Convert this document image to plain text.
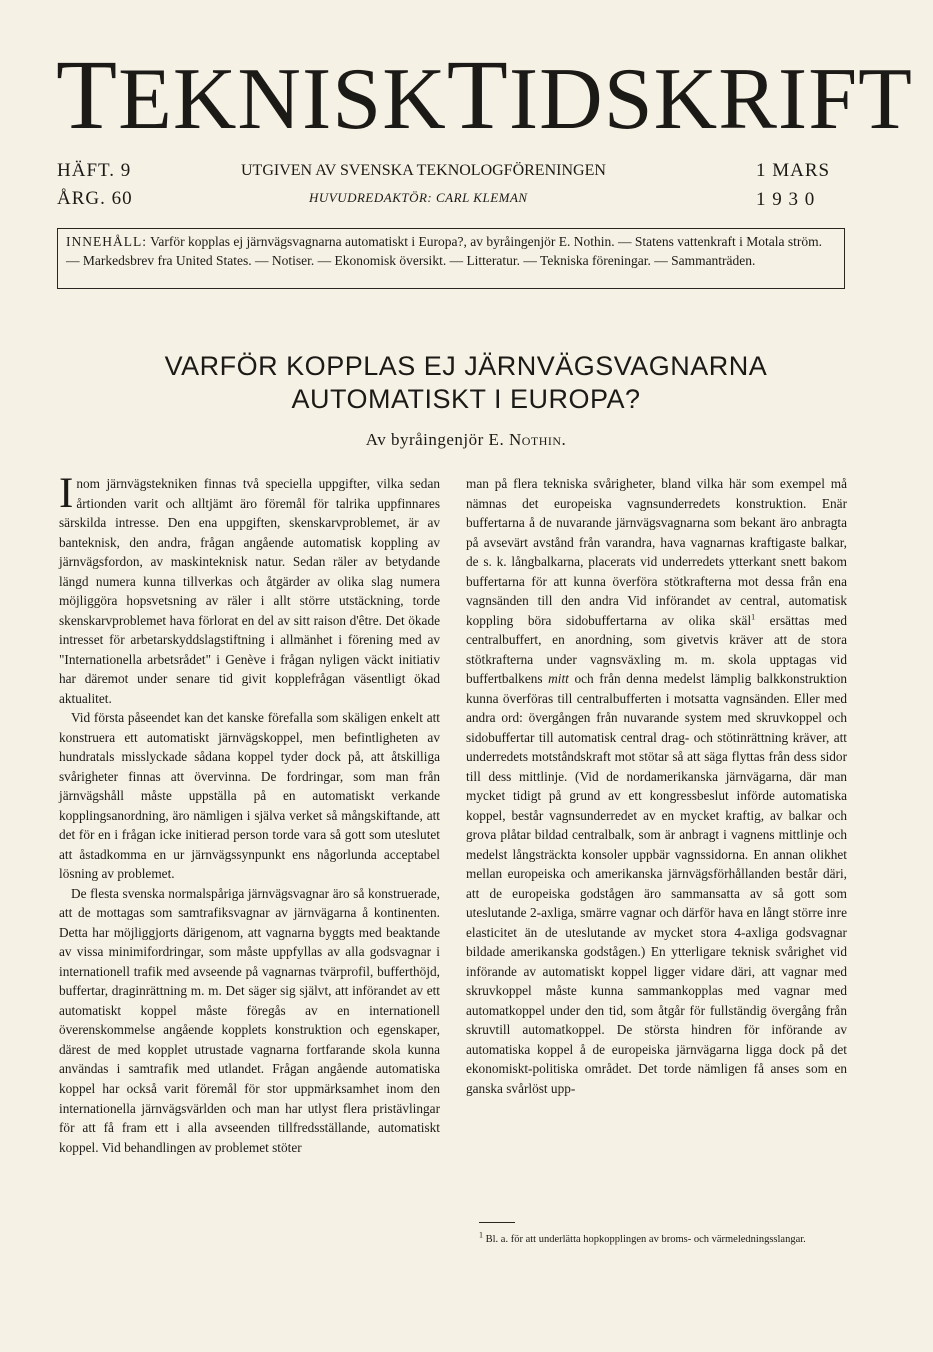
TEKNISKTIDSKRIFT
HÄFT. 9
ÅRG. 60
UTGIVEN AV SVENSKA TEKNOLOGFÖRENINGEN
HUVUDREDAKTÖR: CARL KLEMAN
1 MARS
1 9 3 0
INNEHÅLL: Varför kopplas ej järnvägsvagnarna automatiskt i Europa?, av byråingenjör E. Nothin. — Statens vattenkraft i Motala ström. — Markedsbrev fra United States. — Notiser. — Ekonomisk översikt. — Litteratur. — Tekniska föreningar. — Sammanträden.
VARFÖR KOPPLAS EJ JÄRNVÄGSVAGNARNA
AUTOMATISKT I EUROPA?
Av byråingenjör E. Nothin.

Inom järnvägstekniken finnas två speciella uppgifter, vilka sedan årtionden varit och alltjämt äro föremål för talrika uppfinnares särskilda intresse. Den ena uppgiften, skenskarvproblemet, är av banteknisk, den andra, frågan angående automatisk koppling av järnvägsfordon, av maskinteknisk natur. Sedan räler av betydande längd numera kunna tillverkas och åtgärder av olika slag numera möjliggöra hopsvetsning av räler i allt större utstäckning, torde skenskarvproblemet hava förlorat en del av sitt raison d'être. Det ökade intresset för arbetarskyddslagstiftning i allmänhet i förening med av "Internationella arbetsrådet" i Genève i frågan nyligen väckt initiativ har däremot under senare tid givit kopplefrågan väsentligt ökad aktualitet.

Vid första påseendet kan det kanske förefalla som skäligen enkelt att konstruera ett automatiskt järnvägskoppel, men befintligheten av hundratals misslyckade sådana koppel tyder dock på, att åtskilliga svårigheter finnas att övervinna. De fordringar, som man från järnvägshåll måste uppställa på en automatiskt verkande kopplingsanordning, äro nämligen i själva verket så mångskiftande, att det för en i frågan icke initierad person torde vara så gott som uteslutet att åstadkomma en ur järnvägssynpunkt ens någorlunda acceptabel lösning av problemet.

De flesta svenska normalspåriga järnvägsvagnar äro så konstruerade, att de mottagas som samtrafiksvagnar av järnvägarna å kontinenten. Detta har möjliggjorts därigenom, att vagnarna byggts med beaktande av vissa minimifordringar, som måste uppfyllas av alla godsvagnar i internationell trafik med avseende på vagnarnas tvärprofil, bufferthöjd, buffertar, draginrättning m. m. Det säger sig självt, att införandet av ett automatiskt koppel måste föregås av en internationell överenskommelse angående kopplets konstruktion och egenskaper, därest de med kopplet utrustade vagnarna fortfarande skola kunna användas i samtrafik med utlandet. Frågan angående automatiska koppel har också varit föremål för stor uppmärksamhet inom den internationella järnvägsvärlden och man har utlyst flera pristävlingar för att få fram ett i alla avseenden tillfredsställande, automatiskt koppel. Vid behandlingen av problemet stöter

man på flera tekniska svårigheter, bland vilka här som exempel må nämnas det europeiska vagnsunderredets konstruktion. Enär buffertarna å de nuvarande järnvägsvagnarna som bekant äro anbragta på avsevärt avstånd från varandra, hava vagnarnas kraftigaste balkar, de s. k. långbalkarna, placerats vid underredets ytterkant snett bakom buffertarna för att kunna överföra stötkrafterna mot dessa från ena vagnsänden till den andra Vid införandet av central, automatisk koppling böra sidobuffertarna av olika skäl$^1$ ersättas med centralbuffert, en anordning, som givetvis kräver att de stora stötkrafterna under vagnsväxling m. m. skola upptagas vid buffertbalkens mitt och från denna medelst lämplig balkkonstruktion kunna överföras till centralbufferten i motsatta vagnsänden. Eller med andra ord: övergången från nuvarande system med skruvkoppel och sidobuffertar till automatisk central drag- och stötinrättning kräver, att underredets motståndskraft mot stötar så att säga flyttas från dess sidor till dess mittlinje. (Vid de nordamerikanska järnvägarna, där man mycket tidigt på grund av ett kongressbeslut införde automatiska koppel, består vagnsunderredet av en mycket kraftig, av balkar och grova plåtar bildad centralbalk, som är anbragt i vagnens mittlinje och medelst långsträckta konsoler uppbär vagnssidorna. En annan olikhet mellan europeiska och amerikanska järnvägsförhållanden består däri, att de europeiska godstågen äro sammansatta av så gott som uteslutande 2-axliga, smärre vagnar och därför hava en långt större inre elasticitet än de uteslutande av mycket stora 4-axliga godsvagnar bildade amerikanska godstågen.) En ytterligare teknisk svårighet vid införande av automatiskt koppel ligger vidare däri, att vagnar med skruvkoppel måste kunna sammankopplas med vagnar med automatkoppel under den tid, som åtgår för fullständig övergång från skruvtill automatkoppel. De största hindren för införande av automatiska koppel å de europeiska järnvägarna ligga dock på det ekonomiskt-politiska området. Det torde nämligen få anses som en ganska svårlöst upp-

$^1$ Bl. a. för att underlätta hopkopplingen av broms- och värmeledningsslangar.
